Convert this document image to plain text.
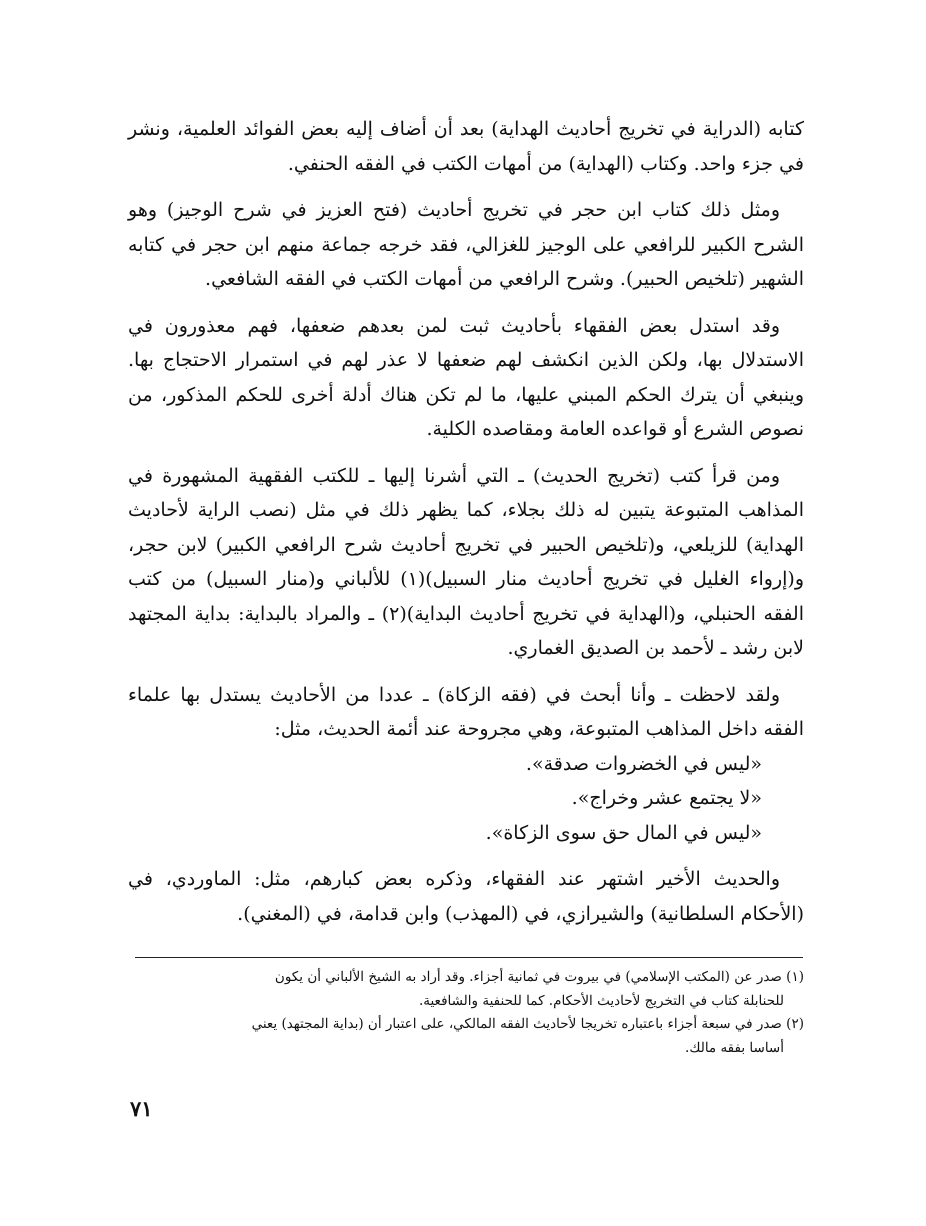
كتابه (الدراية في تخريج أحاديث الهداية) بعد أن أضاف إليه بعض الفوائد العلمية، ونشر في جزء واحد. وكتاب (الهداية) من أمهات الكتب في الفقه الحنفي.

ومثل ذلك كتاب ابن حجر في تخريج أحاديث (فتح العزيز في شرح الوجيز) وهو الشرح الكبير للرافعي على الوجيز للغزالي، فقد خرجه جماعة منهم ابن حجر في كتابه الشهير (تلخيص الحبير). وشرح الرافعي من أمهات الكتب في الفقه الشافعي.

وقد استدل بعض الفقهاء بأحاديث ثبت لمن بعدهم ضعفها، فهم معذورون في الاستدلال بها، ولكن الذين انكشف لهم ضعفها لا عذر لهم في استمرار الاحتجاج بها. وينبغي أن يترك الحكم المبني عليها، ما لم تكن هناك أدلة أخرى للحكم المذكور، من نصوص الشرع أو قواعده العامة ومقاصده الكلية.

ومن قرأ كتب (تخريج الحديث) ـ التي أشرنا إليها ـ للكتب الفقهية المشهورة في المذاهب المتبوعة يتبين له ذلك بجلاء، كما يظهر ذلك في مثل (نصب الراية لأحاديث الهداية) للزيلعي، و(تلخيص الحبير في تخريج أحاديث شرح الرافعي الكبير) لابن حجر، و(إرواء الغليل في تخريج أحاديث منار السبيل)(١) للألباني و(منار السبيل) من كتب الفقه الحنبلي، و(الهداية في تخريج أحاديث البداية)(٢) ـ والمراد بالبداية: بداية المجتهد لابن رشد ـ لأحمد بن الصديق الغماري.

ولقد لاحظت ـ وأنا أبحث في (فقه الزكاة) ـ عددا من الأحاديث يستدل بها علماء الفقه داخل المذاهب المتبوعة، وهي مجروحة عند أئمة الحديث، مثل:

«ليس في الخضروات صدقة».

«لا يجتمع عشر وخراج».

«ليس في المال حق سوى الزكاة».

والحديث الأخير اشتهر عند الفقهاء، وذكره بعض كبارهم، مثل: الماوردي، في (الأحكام السلطانية) والشيرازي، في (المهذب) وابن قدامة، في (المغني).

(١) صدر عن (المكتب الإسلامي) في بيروت في ثمانية أجزاء. وقد أراد به الشيخ الألباني أن يكون

للحنابلة كتاب في التخريج لأحاديث الأحكام. كما للحنفية والشافعية.

(٢) صدر في سبعة أجزاء باعتباره تخريجا لأحاديث الفقه المالكي، على اعتبار أن (بداية المجتهد) يعني

أساسا بفقه مالك.

٧١
